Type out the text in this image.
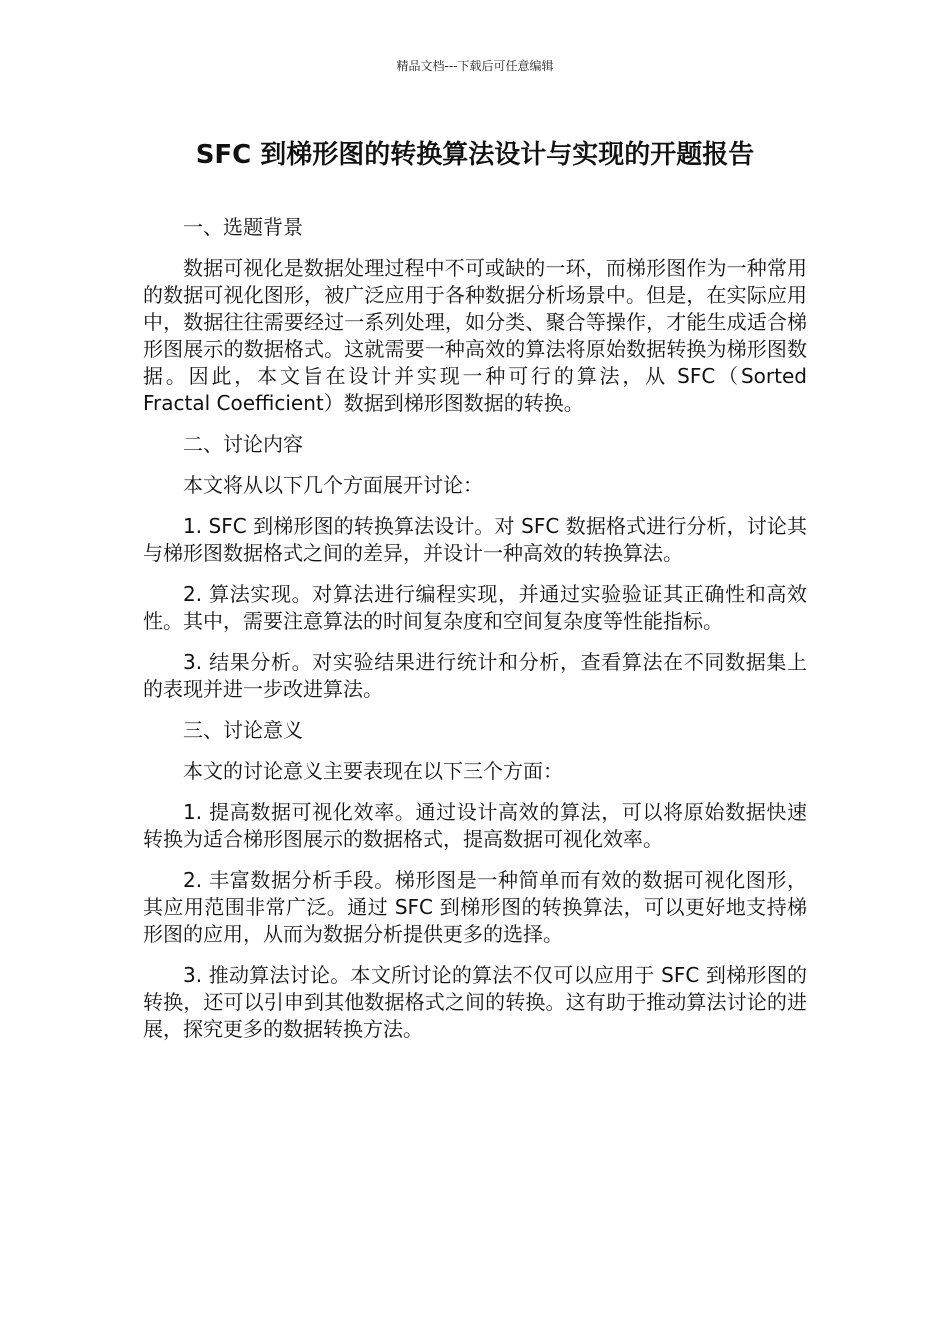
精品文档---下载后可任意编辑
SFC 到梯形图的转换算法设计与实现的开题报告

一、选题背景

数据可视化是数据处理过程中不可或缺的一环，而梯形图作为一种常用的数据可视化图形，被广泛应用于各种数据分析场景中。但是，在实际应用中，数据往往需要经过一系列处理，如分类、聚合等操作，才能生成适合梯形图展示的数据格式。这就需要一种高效的算法将原始数据转换为梯形图数据。因此，本文旨在设计并实现一种可行的算法，从 SFC（Sorted Fractal Coefficient）数据到梯形图数据的转换。

二、讨论内容

本文将从以下几个方面展开讨论：

1. SFC 到梯形图的转换算法设计。对 SFC 数据格式进行分析，讨论其与梯形图数据格式之间的差异，并设计一种高效的转换算法。

2. 算法实现。对算法进行编程实现，并通过实验验证其正确性和高效性。其中，需要注意算法的时间复杂度和空间复杂度等性能指标。

3. 结果分析。对实验结果进行统计和分析，查看算法在不同数据集上的表现并进一步改进算法。

三、讨论意义

本文的讨论意义主要表现在以下三个方面：

1. 提高数据可视化效率。通过设计高效的算法，可以将原始数据快速转换为适合梯形图展示的数据格式，提高数据可视化效率。

2. 丰富数据分析手段。梯形图是一种简单而有效的数据可视化图形，其应用范围非常广泛。通过 SFC 到梯形图的转换算法，可以更好地支持梯形图的应用，从而为数据分析提供更多的选择。

3. 推动算法讨论。本文所讨论的算法不仅可以应用于 SFC 到梯形图的转换，还可以引申到其他数据格式之间的转换。这有助于推动算法讨论的进展，探究更多的数据转换方法。
